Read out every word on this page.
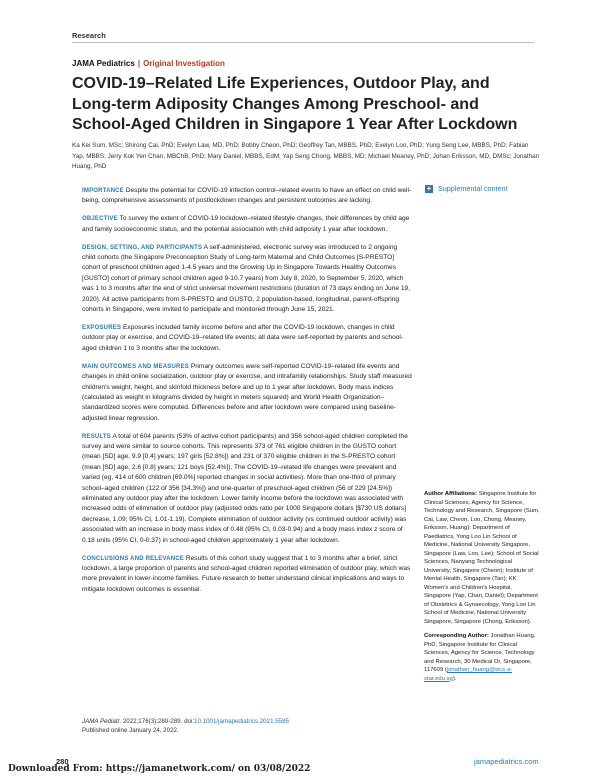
Research
JAMA Pediatrics | Original Investigation
COVID-19–Related Life Experiences, Outdoor Play, and Long-term Adiposity Changes Among Preschool- and School-Aged Children in Singapore 1 Year After Lockdown
Ka Kei Sum, MSc; Shirong Cai, PhD; Evelyn Law, MD, PhD; Bobby Cheon, PhD; Geoffrey Tan, MBBS, PhD; Evelyn Loo, PhD; Yung Seng Lee, MBBS, PhD; Fabian Yap, MBBS; Jerry Kok Yen Chan, MBChB, PhD; Mary Daniel, MBBS, EdM; Yap Seng Chong, MBBS, MD; Michael Meaney, PhD; Johan Eriksson, MD, DMSc; Jonathan Huang, PhD
+ Supplemental content

IMPORTANCE Despite the potential for COVID-19 infection control–related events to have an effect on child well-being, comprehensive assessments of postlockdown changes and persistent outcomes are lacking.

OBJECTIVE To survey the extent of COVID-19 lockdown–related lifestyle changes, their differences by child age and family socioeconomic status, and the potential association with child adiposity 1 year after lockdown.

DESIGN, SETTING, AND PARTICIPANTS A self-administered, electronic survey was introduced to 2 ongoing child cohorts (the Singapore Preconception Study of Long-term Maternal and Child Outcomes [S-PRESTO] cohort of preschool children aged 1-4.5 years and the Growing Up in Singapore Towards Healthy Outcomes [GUSTO] cohort of primary school children aged 9-10.7 years) from July 8, 2020, to September 5, 2020, which was 1 to 3 months after the end of strict universal movement restrictions (duration of 73 days ending on June 19, 2020). All active participants from S-PRESTO and GUSTO, 2 population-based, longitudinal, parent-offspring cohorts in Singapore, were invited to participate and monitored through June 15, 2021.

EXPOSURES Exposures included family income before and after the COVID-19 lockdown, changes in child outdoor play or exercise, and COVID-19–related life events; all data were self-reported by parents and school-aged children 1 to 3 months after the lockdown.

MAIN OUTCOMES AND MEASURES Primary outcomes were self-reported COVID-19–related life events and changes in child online socialization, outdoor play or exercise, and intrafamily relationships. Study staff measured children's weight, height, and skinfold thickness before and up to 1 year after lockdown. Body mass indices (calculated as weight in kilograms divided by height in meters squared) and World Health Organization–standardized scores were computed. Differences before and after lockdown were compared using baseline-adjusted linear regression.

RESULTS A total of 604 parents (53% of active cohort participants) and 356 school-aged children completed the survey and were similar to source cohorts. This represents 373 of 761 eligible children in the GUSTO cohort (mean [SD] age, 9.9 [0.4] years; 197 girls [52.8%]) and 231 of 370 eligible children in the S-PRESTO cohort (mean [SD] age, 2.6 [0.8] years; 121 boys [52.4%]). The COVID-19–related life changes were prevalent and varied (eg, 414 of 600 children [69.0%] reported changes in social activities). More than one-third of primary school–aged children (122 of 356 [34.3%]) and one-quarter of preschool-aged children (56 of 229 [24.5%]) eliminated any outdoor play after the lockdown. Lower family income before the lockdown was associated with increased odds of elimination of outdoor play (adjusted odds ratio per 1000 Singapore dollars [$730 US dollars] decrease, 1.09; 95% CI, 1.01-1.19). Complete elimination of outdoor activity (vs continued outdoor activity) was associated with an increase in body mass index of 0.48 (95% CI, 0.03-0.94) and a body mass index z score of 0.18 units (95% CI, 0-0.37) in school-aged children approximately 1 year after lockdown.

CONCLUSIONS AND RELEVANCE Results of this cohort study suggest that 1 to 3 months after a brief, strict lockdown, a large proportion of parents and school-aged children reported elimination of outdoor play, which was more prevalent in lower-income families. Future research to better understand clinical implications and ways to mitigate lockdown outcomes is essential.

JAMA Pediatr. 2022;176(3):280-289. doi:10.1001/jamapediatrics.2021.5585
Published online January 24, 2022.

Author Affiliations: Singapore Institute for Clinical Sciences, Agency for Science, Technology and Research, Singapore (Sum, Cai, Law, Cheon, Loo, Chong, Meaney, Eriksson, Huang); Department of Paediatrics, Yong Loo Lin School of Medicine, National University Singapore, Singapore (Law, Loo, Lee); School of Social Sciences, Nanyang Technological University, Singapore (Cheon); Institute of Mental Health, Singapore (Tan); KK Women's and Children's Hospital, Singapore (Yap, Chan, Daniel); Department of Obstetrics & Gynaecology, Yong Loo Lin School of Medicine, National University Singapore, Singapore (Chong, Eriksson).

Corresponding Author: Jonathan Huang, PhD, Singapore Institute for Clinical Sciences, Agency for Science, Technology and Research, 30 Medical Dr, Singapore, 117609 (jonathan_huang@sics.a-star.edu.sg).

280	jamapediatrics.com
Downloaded From: https://jamanetwork.com/ on 03/08/2022
